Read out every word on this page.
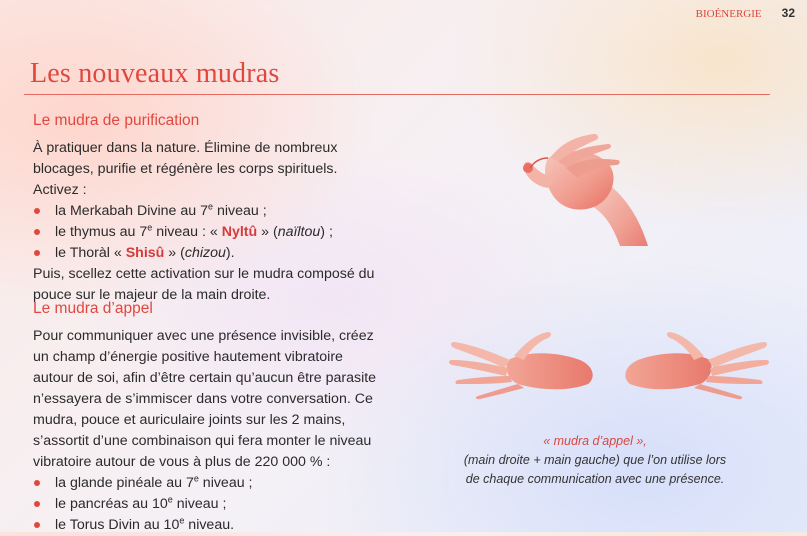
BIOÉNERGIE 32
Les nouveaux mudras
Le mudra de purification

À pratiquer dans la nature. Élimine de nombreux blocages, purifie et régénère les corps spirituels. Activez :

la Merkabah Divine au 7e niveau ;
le thymus au 7e niveau : « Nyltû » (naïltou) ;
le Thoràl « Shisû » (chizou).

Puis, scellez cette activation sur le mudra composé du pouce sur le majeur de la main droite.

Le mudra d’appel

Pour communiquer avec une présence invisible, créez un champ d’énergie positive hautement vibratoire autour de soi, afin d’être certain qu’aucun être parasite n’essayera de s’immiscer dans votre conversation. Ce mudra, pouce et auriculaire joints sur les 2 mains, s’assortit d’une combinaison qui fera monter le niveau vibratoire autour de vous à plus de 220 000 % :

la glande pinéale au 7e niveau ;
le pancréas au 10e niveau ;
le Torus Divin au 10e niveau.
« mudra d’appel »,
(main droite + main gauche) que l’on utilise lors
de chaque communication avec une présence.
